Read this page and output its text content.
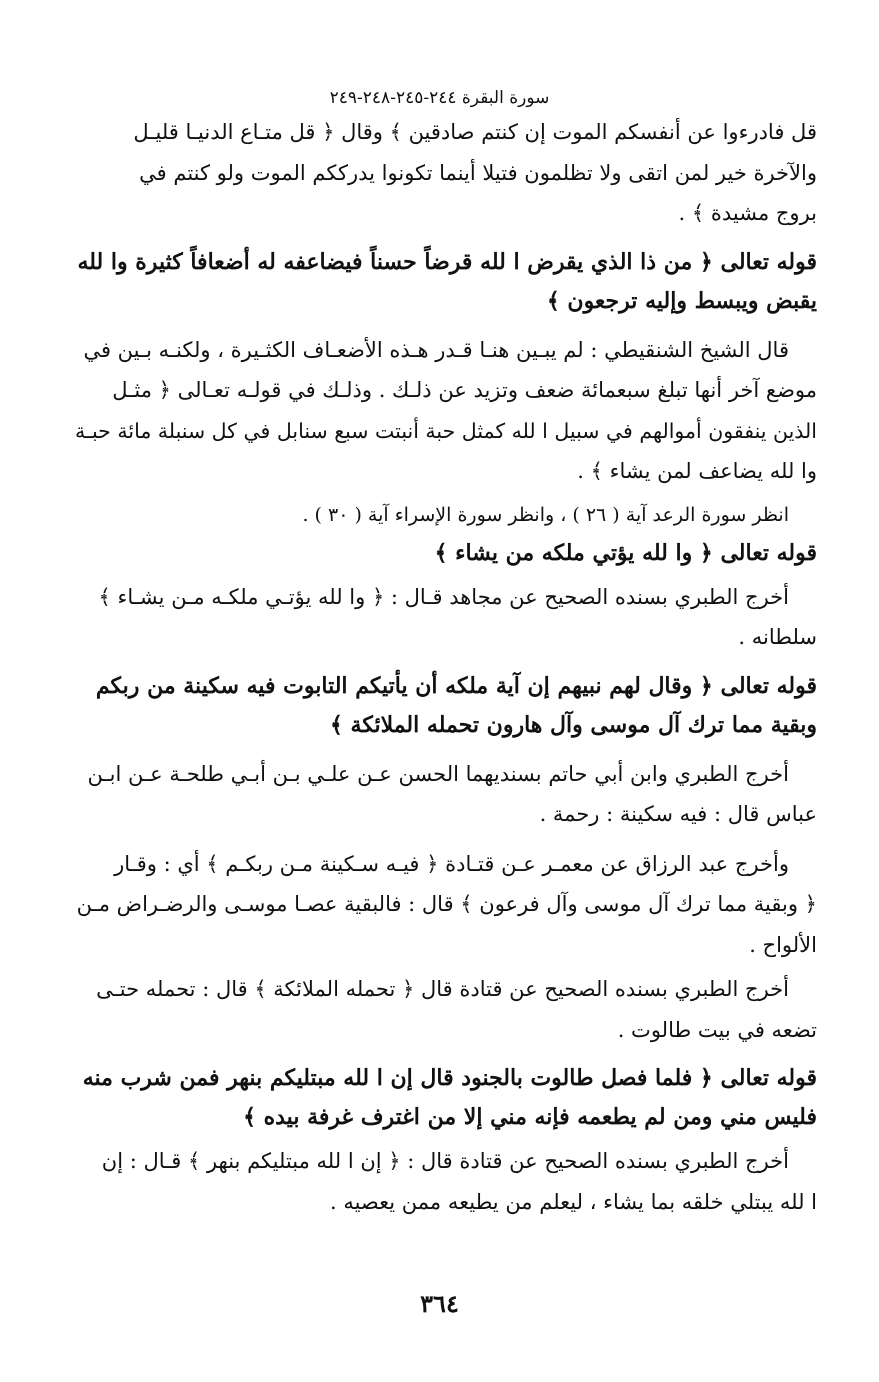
سورة البقرة ٢٤٤-٢٤٥-٢٤٨-٢٤٩
قل فادرءوا عن أنفسكم الموت إن كنتم صادقين ﴾ وقال ﴿ قل متـاع الدنيـا قليـل
والآخرة خير لمن اتقى ولا تظلمون فتيلا أينما تكونوا يدرككم الموت ولو كنتم في
بروج مشيدة ﴾ .
قوله تعالى ﴿ من ذا الذي يقرض ا لله قرضاً حسناً فيضاعفه له أضعافاً كثيرة وا لله
يقبض ويبسط وإليه ترجعون ﴾
قال الشيخ الشنقيطي : لم يبـين هنـا قـدر هـذه الأضعـاف الكثـيرة ، ولكنـه بـين في
موضع آخر أنها تبلغ سبعمائة ضعف وتزيد عن ذلـك . وذلـك في قولـه تعـالى ﴿ مثـل
الذين ينفقون أموالهم في سبيل ا لله كمثل حبة أنبتت سبع سنابل في كل سنبلة مائة حبـة
وا لله يضاعف لمن يشاء ﴾ .
انظر سورة الرعد آية ( ٢٦ ) ، وانظر سورة الإسراء آية ( ٣٠ ) .
قوله تعالى ﴿ وا لله يؤتي ملكه من يشاء ﴾
أخرج الطبري بسنده الصحيح عن مجاهد قـال : ﴿ وا لله يؤتـي ملكـه مـن يشـاء ﴾
سلطانه .
قوله تعالى ﴿ وقال لهم نبيهم إن آية ملكه أن يأتيكم التابوت فيه سكينة من ربكم
وبقية مما ترك آل موسى وآل هارون تحمله الملائكة ﴾
أخرج الطبري وابن أبي حاتم بسنديهما الحسن عـن علـي بـن أبـي طلحـة عـن ابـن
عباس قال : فيه سكينة : رحمة .
وأخرج عبد الرزاق عن معمـر عـن قتـادة ﴿ فيـه سـكينة مـن ربكـم ﴾ أي : وقـار
﴿ وبقية مما ترك آل موسى وآل فرعون ﴾ قال : فالبقية عصـا موسـى والرضـراض مـن
الألواح .
أخرج الطبري بسنده الصحيح عن قتادة قال ﴿ تحمله الملائكة ﴾ قال : تحمله حتـى
تضعه في بيت طالوت .
قوله تعالى ﴿ فلما فصل طالوت بالجنود قال إن ا لله مبتليكم بنهر فمن شرب منه
فليس مني ومن لم يطعمه فإنه مني إلا من اغترف غرفة بيده ﴾
أخرج الطبري بسنده الصحيح عن قتادة قال : ﴿ إن ا لله مبتليكم بنهر ﴾ قـال : إن
ا لله يبتلي خلقه بما يشاء ، ليعلم من يطيعه ممن يعصيه .
٣٦٤
